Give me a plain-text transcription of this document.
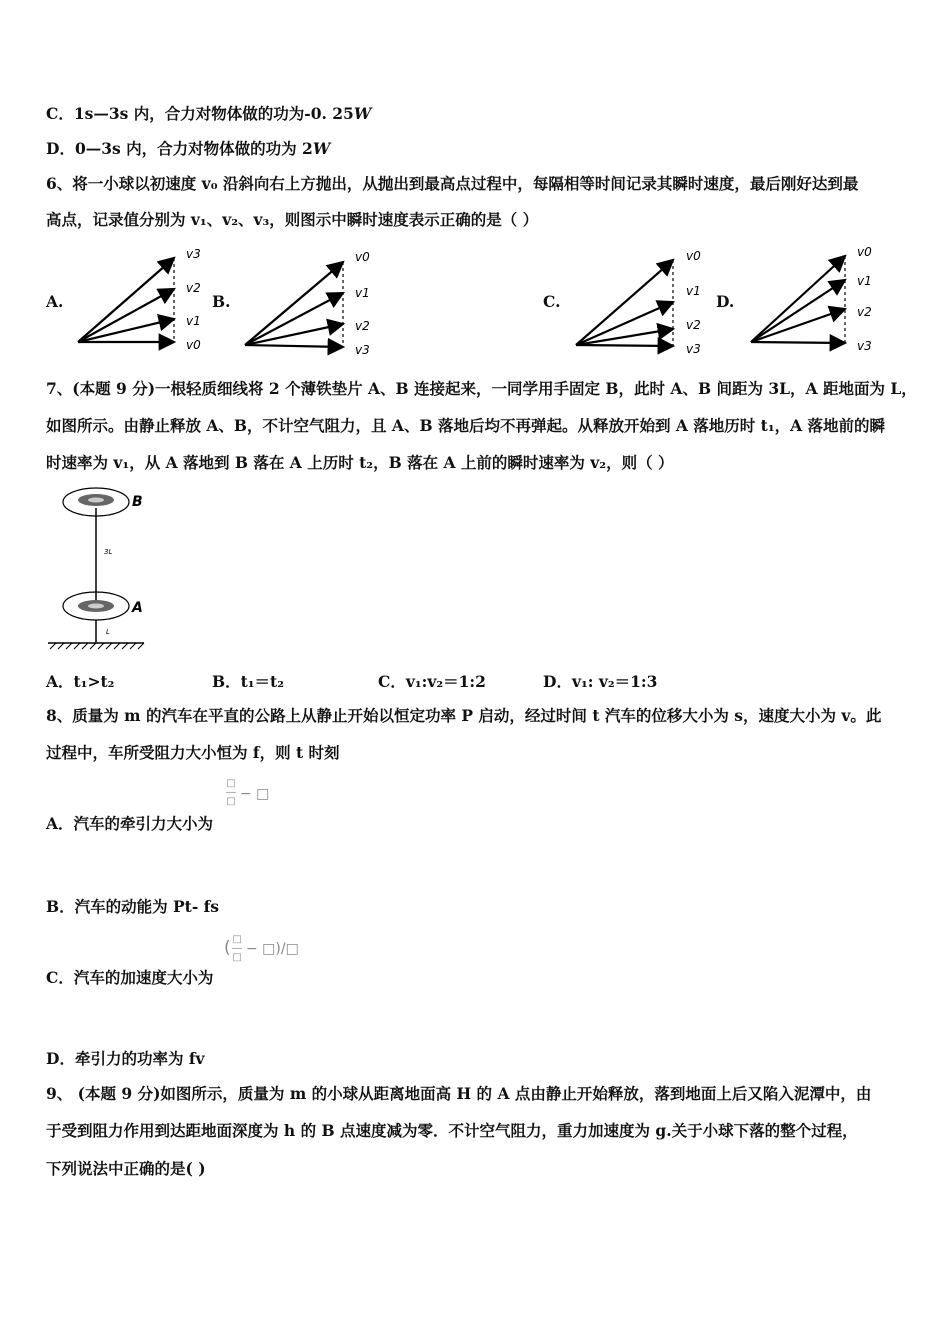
C．1s—3s 内，合力对物体做的功为-0. 25W
D．0—3s 内，合力对物体做的功为 2W
6、将一小球以初速度 v₀ 沿斜向右上方抛出，从抛出到最高点过程中，每隔相等时间记录其瞬时速度，最后刚好达到最
高点，记录值分别为 v₁、v₂、v₃，则图示中瞬时速度表示正确的是（ ）
A.	B.	C.	D.
v3
v2
v1
v0
v0
v1
v2
v3
v0
v1
v2
v3
v0
v1
v2
v3
7、(本题 9 分)一根轻质细线将 2 个薄铁垫片 A、B 连接起来，一同学用手固定 B，此时 A、B 间距为 3L，A 距地面为 L，
如图所示。由静止释放 A、B，不计空气阻力，且 A、B 落地后均不再弹起。从释放开始到 A 落地历时 t₁，A 落地前的瞬
时速率为 v₁，从 A 落地到 B 落在 A 上历时 t₂，B 落在 A 上前的瞬时速率为 v₂，则（ ）
3L
L
B
A
A．t₁>t₂	B．t₁＝t₂	C．v₁:v₂＝1:2	D．v₁: v₂＝1:3
8、质量为 m 的汽车在平直的公路上从静止开始以恒定功率 P 启动，经过时间 t 汽车的位移大小为 s，速度大小为 v。此
过程中，车所受阻力大小恒为 f，则 t 时刻
□
―
□ − □
A．汽车的牵引力大小为
B．汽车的动能为 Pt- fs
( □
―
□
− □)/□
C．汽车的加速度大小为
D．牵引力的功率为 fv
9、 (本题 9 分)如图所示，质量为 m 的小球从距离地面高 H 的 A 点由静止开始释放，落到地面上后又陷入泥潭中，由
于受到阻力作用到达距地面深度为 h 的 B 点速度减为零．不计空气阻力，重力加速度为 g.关于小球下落的整个过程，
下列说法中正确的是( )
